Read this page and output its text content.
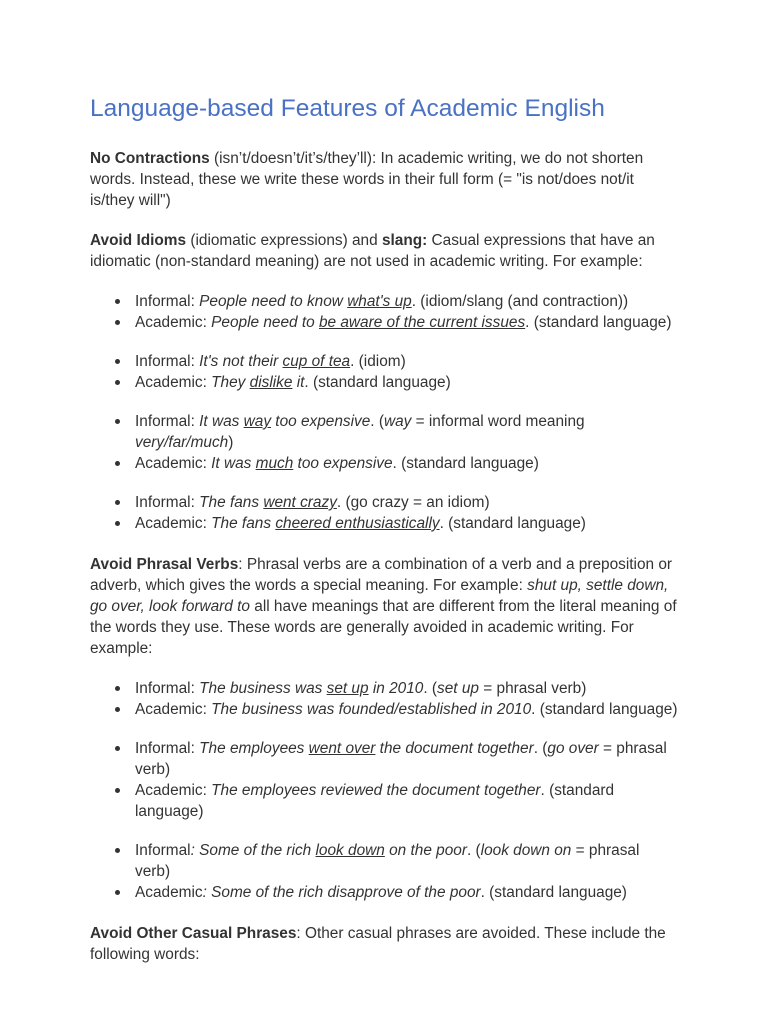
Language-based Features of Academic English

No Contractions (isn’t/doesn’t/it’s/they’ll): In academic writing, we do not shorten words. Instead, these we write these words in their full form (= "is not/does not/it is/they will")

Avoid Idioms (idiomatic expressions) and slang: Casual expressions that have an idiomatic (non-standard meaning) are not used in academic writing. For example:

Informal: People need to know what's up. (idiom/slang (and contraction))
Academic: People need to be aware of the current issues. (standard language)
Informal: It's not their cup of tea. (idiom)
Academic: They dislike it. (standard language)
Informal: It was way too expensive. (way = informal word meaning very/far/much)
Academic: It was much too expensive. (standard language)
Informal: The fans went crazy. (go crazy = an idiom)
Academic: The fans cheered enthusiastically. (standard language)

Avoid Phrasal Verbs: Phrasal verbs are a combination of a verb and a preposition or adverb, which gives the words a special meaning. For example: shut up, settle down, go over, look forward to all have meanings that are different from the literal meaning of the words they use. These words are generally avoided in academic writing. For example:

Informal: The business was set up in 2010. (set up = phrasal verb)
Academic: The business was founded/established in 2010. (standard language)
Informal: The employees went over the document together. (go over = phrasal verb)
Academic: The employees reviewed the document together. (standard language)
Informal: Some of the rich look down on the poor. (look down on = phrasal verb)
Academic: Some of the rich disapprove of the poor. (standard language)

Avoid Other Casual Phrases: Other casual phrases are avoided. These include the following words:
